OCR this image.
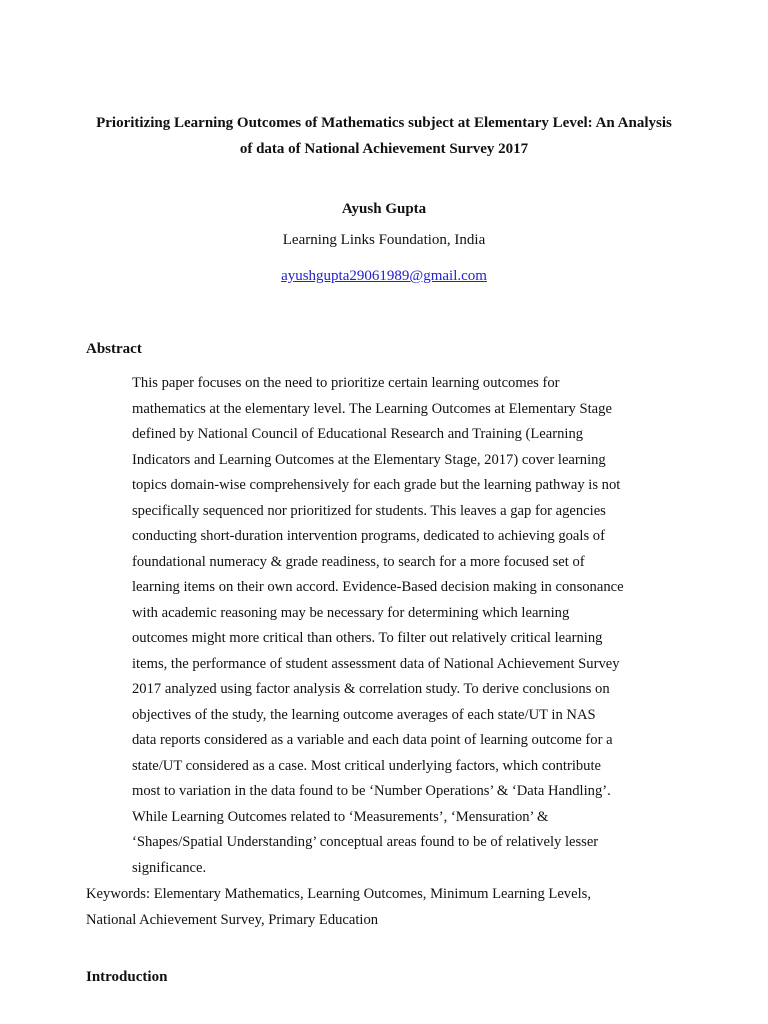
Prioritizing Learning Outcomes of Mathematics subject at Elementary Level: An Analysis
of data of National Achievement Survey 2017
Ayush Gupta
Learning Links Foundation, India
ayushgupta29061989@gmail.com
Abstract
This paper focuses on the need to prioritize certain learning outcomes for
mathematics at the elementary level. The Learning Outcomes at Elementary Stage
defined by National Council of Educational Research and Training (Learning
Indicators and Learning Outcomes at the Elementary Stage, 2017) cover learning
topics domain-wise comprehensively for each grade but the learning pathway is not
specifically sequenced nor prioritized for students. This leaves a gap for agencies
conducting short-duration intervention programs, dedicated to achieving goals of
foundational numeracy & grade readiness, to search for a more focused set of
learning items on their own accord. Evidence-Based decision making in consonance
with academic reasoning may be necessary for determining which learning
outcomes might more critical than others. To filter out relatively critical learning
items, the performance of student assessment data of National Achievement Survey
2017 analyzed using factor analysis & correlation study. To derive conclusions on
objectives of the study, the learning outcome averages of each state/UT in NAS
data reports considered as a variable and each data point of learning outcome for a
state/UT considered as a case. Most critical underlying factors, which contribute
most to variation in the data found to be ‘Number Operations’ & ‘Data Handling’.
While Learning Outcomes related to ‘Measurements’, ‘Mensuration’ &
‘Shapes/Spatial Understanding’ conceptual areas found to be of relatively lesser
significance.
Keywords: Elementary Mathematics, Learning Outcomes, Minimum Learning Levels,
National Achievement Survey, Primary Education
Introduction
